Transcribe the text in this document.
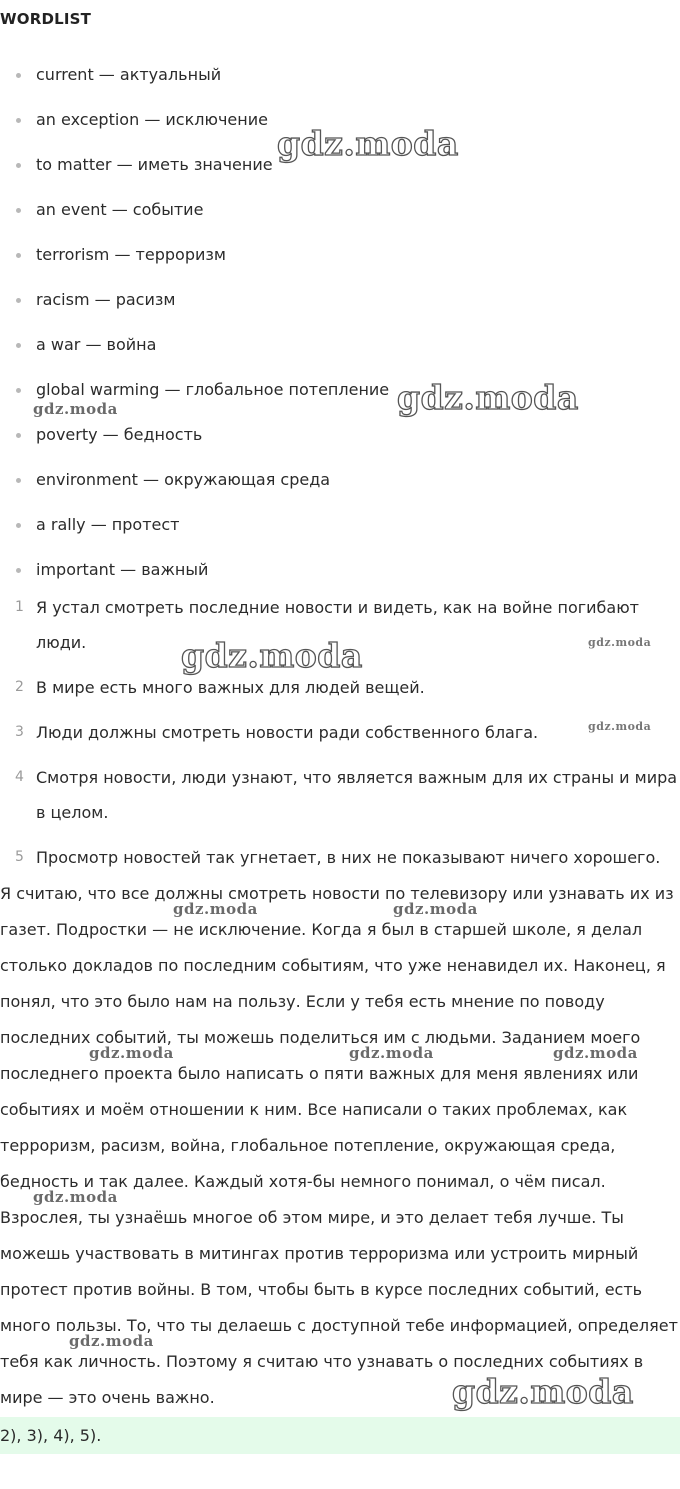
WORDLIST
current — актуальный
an exception — исключение
to matter — иметь значение
an event — событие
terrorism — терроризм
racism — расизм
a war — война
global warming — глобальное потепление
poverty — бедность
environment — окружающая среда
a rally — протест
important — важный
1 Я устал смотреть последние новости и видеть, как на войне погибают люди.
2 В мире есть много важных для людей вещей.
3 Люди должны смотреть новости ради собственного блага.
4 Смотря новости, люди узнают, что является важным для их страны и мира в целом.
5 Просмотр новостей так угнетает, в них не показывают ничего хорошего.

Я считаю, что все должны смотреть новости по телевизору или узнавать их из газет. Подростки — не исключение. Когда я был в старшей школе, я делал столько докладов по последним событиям, что уже ненавидел их. Наконец, я понял, что это было нам на пользу. Если у тебя есть мнение по поводу последних событий, ты можешь поделиться им с людьми. Заданием моего последнего проекта было написать о пяти важных для меня явлениях или событиях и моём отношении к ним. Все написали о таких проблемах, как терроризм, расизм, война, глобальное потепление, окружающая среда, бедность и так далее. Каждый хотя-бы немного понимал, о чём писал. Взрослея, ты узнаёшь многое об этом мире, и это делает тебя лучше. Ты можешь участвовать в митингах против терроризма или устроить мирный протест против войны. В том, чтобы быть в курсе последних событий, есть много пользы. То, что ты делаешь с доступной тебе информацией, определяет тебя как личность. Поэтому я считаю что узнавать о последних событиях в мире — это очень важно.

2), 3), 4), 5).
gdz.moda
gdz.moda
gdz.moda
gdz.moda
gdz.moda
gdz.moda	gdz.moda
gdz.moda	gdz.moda	gdz.moda
gdz.moda
gdz.moda
gdz.moda
gdz.moda
